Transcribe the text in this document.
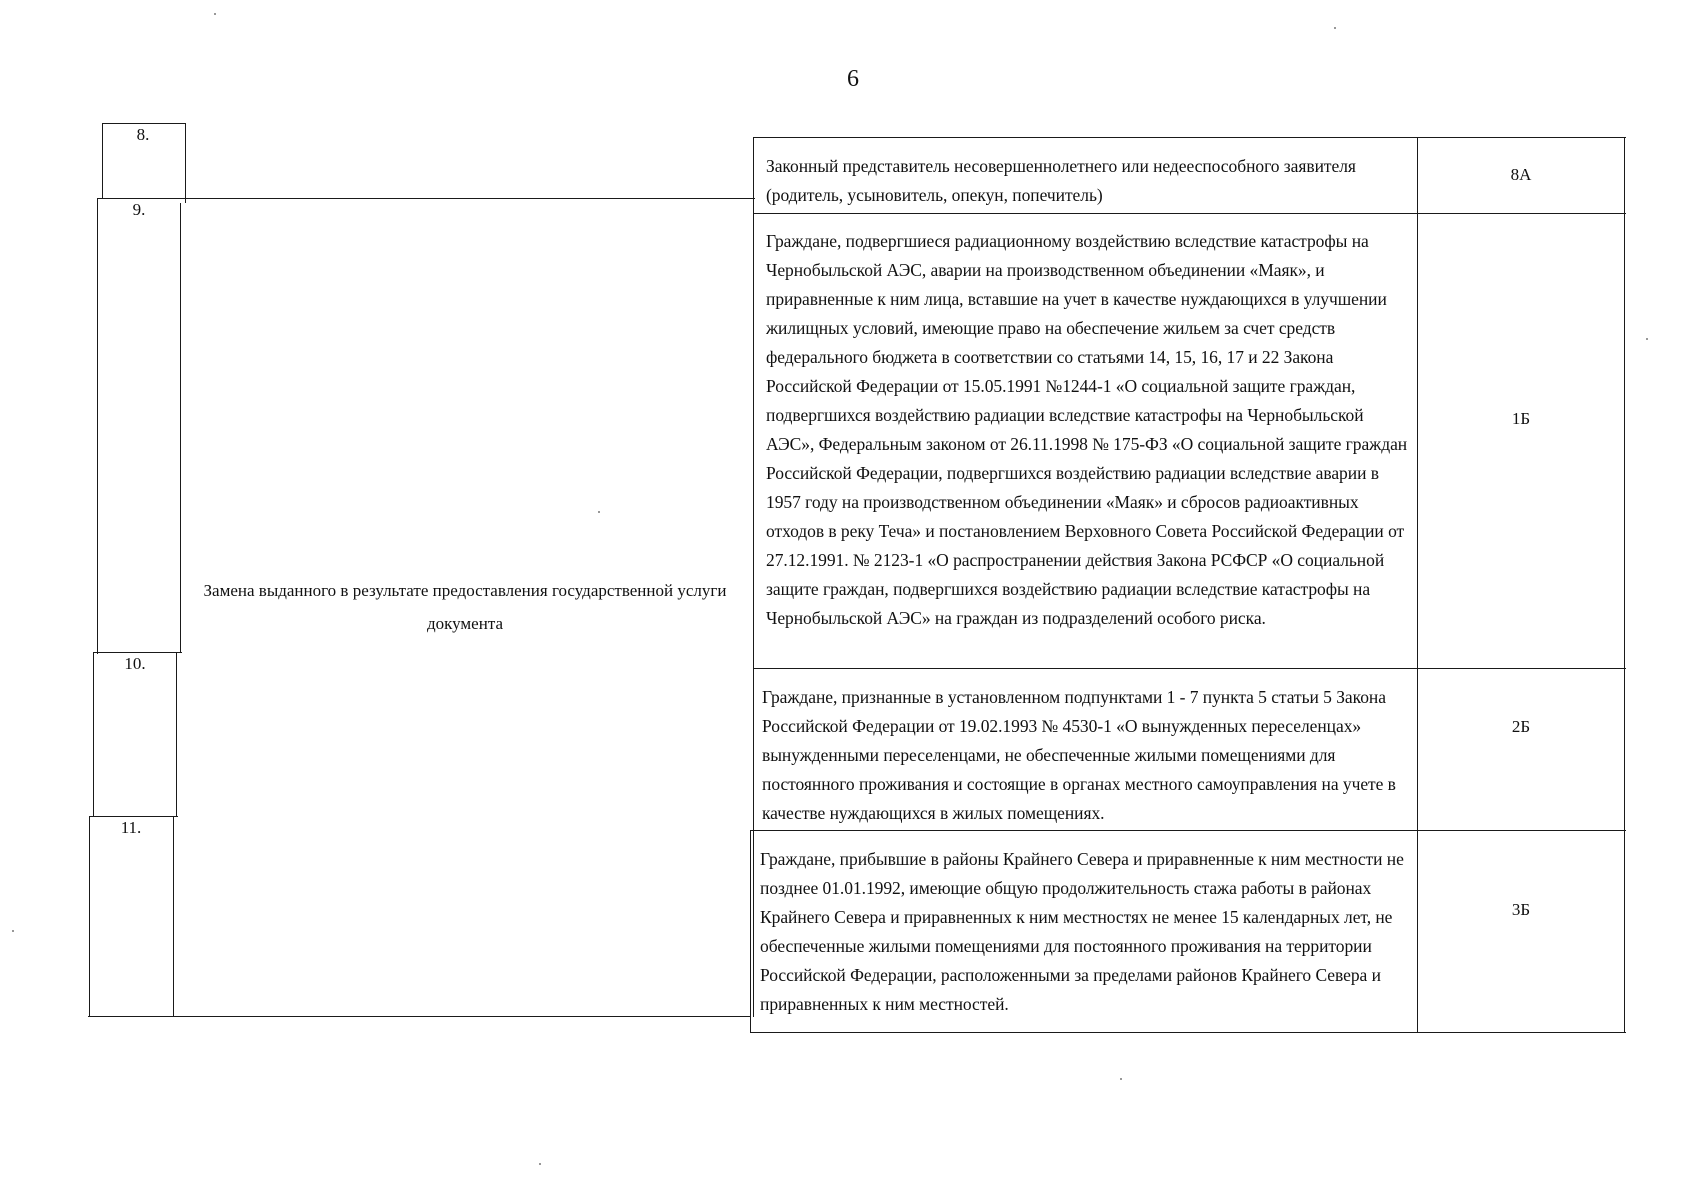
6
8.
9.
10.
11.
Замена выданного в результате предоставления государственной услуги документа
Законный представитель несовершеннолетнего или недееспособного заявителя (родитель, усыновитель, опекун, попечитель)
Граждане, подвергшиеся радиационному воздействию вследствие катастрофы на Чернобыльской АЭС, аварии на производственном объединении «Маяк», и приравненные к ним лица, вставшие на учет в качестве нуждающихся в улучшении жилищных условий, имеющие право на обеспечение жильем за счет средств федерального бюджета в соответствии со статьями 14, 15, 16, 17 и 22 Закона Российской Федерации от 15.05.1991 №1244-1 «О социальной защите граждан, подвергшихся воздействию радиации вследствие катастрофы на Чернобыльской АЭС», Федеральным законом от 26.11.1998 № 175-ФЗ «О социальной защите граждан Российской Федерации, подвергшихся воздействию радиации вследствие аварии в 1957 году на производственном объединении «Маяк» и сбросов радиоактивных отходов в реку Теча» и постановлением Верховного Совета Российской Федерации от 27.12.1991. № 2123-1 «О распространении действия Закона РСФСР «О социальной защите граждан, подвергшихся воздействию радиации вследствие катастрофы на Чернобыльской АЭС» на граждан из подразделений особого риска.
Граждане, признанные в установленном подпунктами 1 - 7 пункта 5 статьи 5 Закона Российской Федерации от 19.02.1993 № 4530-1 «О вынужденных переселенцах» вынужденными переселенцами, не обеспеченные жилыми помещениями для постоянного проживания и состоящие в органах местного самоуправления на учете в качестве нуждающихся в жилых помещениях.
Граждане, прибывшие в районы Крайнего Севера и приравненные к ним местности не позднее 01.01.1992, имеющие общую продолжительность стажа работы в районах Крайнего Севера и приравненных к ним местностях не менее 15 календарных лет, не обеспеченные жилыми помещениями для постоянного проживания на территории Российской Федерации, расположенными за пределами районов Крайнего Севера и приравненных к ним местностей.
8А
1Б
2Б
3Б
